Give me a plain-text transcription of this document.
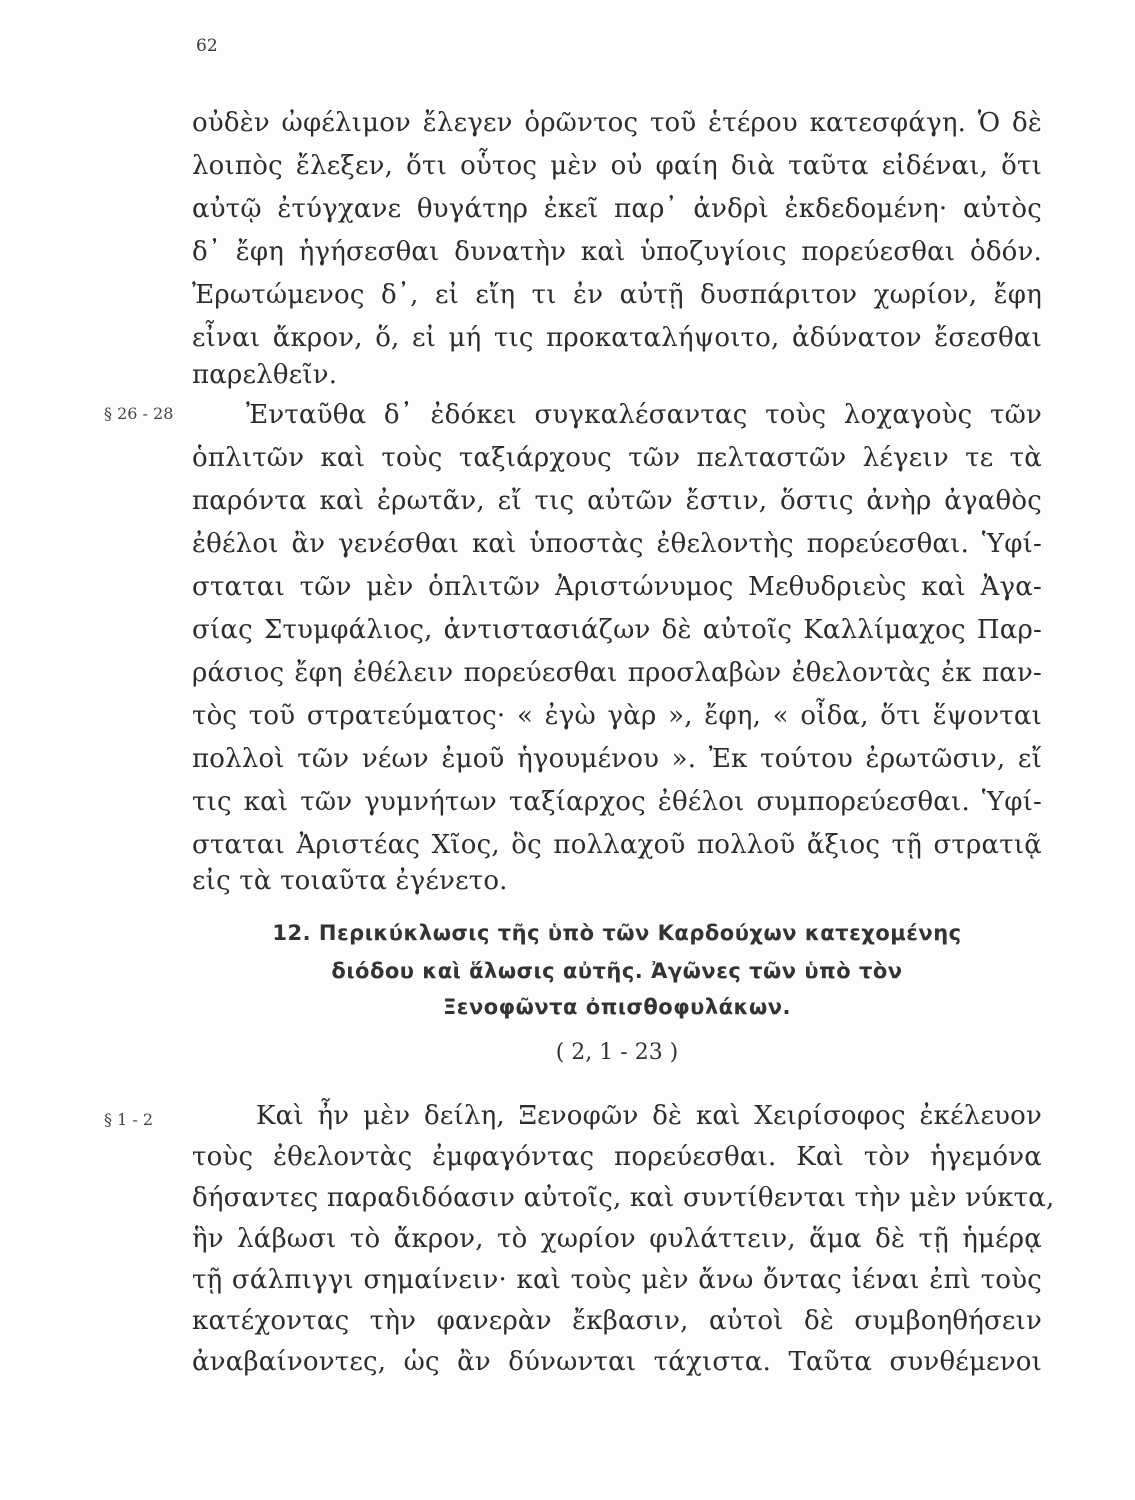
62
οὐδὲν ὠφέλιμον ἔλεγεν ὁρῶντος τοῦ ἑτέρου κατεσφάγη. Ὁ δὲ
λοιπὸς ἔλεξεν, ὅτι οὗτος μὲν οὐ φαίη διὰ ταῦτα εἰδέναι, ὅτι
αὐτῷ ἐτύγχανε θυγάτηρ ἐκεῖ παρ᾽ ἀνδρὶ ἐκδεδομένη· αὐτὸς
δ᾽ ἔφη ἡγήσεσθαι δυνατὴν καὶ ὑποζυγίοις πορεύεσθαι ὁδόν.
Ἐρωτώμενος δ᾽, εἰ εἴη τι ἐν αὐτῇ δυσπάριτον χωρίον, ἔφη
εἶναι ἄκρον, ὅ, εἰ μή τις προκαταλήψοιτο, ἀδύνατον ἔσεσθαι
παρελθεῖν.
§ 26 - 28	Ἐνταῦθα δ᾽ ἐδόκει συγκαλέσαντας τοὺς λοχαγοὺς τῶν
ὁπλιτῶν καὶ τοὺς ταξιάρχους τῶν πελταστῶν λέγειν τε τὰ
παρόντα καὶ ἐρωτᾶν, εἴ τις αὐτῶν ἔστιν, ὅστις ἀνὴρ ἀγαθὸς
ἐθέλοι ἂν γενέσθαι καὶ ὑποστὰς ἐθελοντὴς πορεύεσθαι. Ὑφί-
σταται τῶν μὲν ὁπλιτῶν Ἀριστώνυμος Μεθυδριεὺς καὶ Ἀγα-
σίας Στυμφάλιος, ἀντιστασιάζων δὲ αὐτοῖς Καλλίμαχος Παρ-
ράσιος ἔφη ἐθέλειν πορεύεσθαι προσλαβὼν ἐθελοντὰς ἐκ παν-
τὸς τοῦ στρατεύματος· « ἐγὼ γὰρ », ἔφη, « οἶδα, ὅτι ἕψονται
πολλοὶ τῶν νέων ἐμοῦ ἡγουμένου ». Ἐκ τούτου ἐρωτῶσιν, εἴ
τις καὶ τῶν γυμνήτων ταξίαρχος ἐθέλοι συμπορεύεσθαι. Ὑφί-
σταται Ἀριστέας Χῖος, ὃς πολλαχοῦ πολλοῦ ἄξιος τῇ στρατιᾷ
εἰς τὰ τοιαῦτα ἐγένετο.
12. Περικύκλωσις τῆς ὑπὸ τῶν Καρδούχων κατεχομένης
διόδου καὶ ἅλωσις αὐτῆς. Ἀγῶνες τῶν ὑπὸ τὸν
Ξενοφῶντα ὀπισθοφυλάκων.
( 2, 1 - 23 )
§ 1 - 2	Καὶ ἦν μὲν δείλη, Ξενοφῶν δὲ καὶ Χειρίσοφος ἐκέλευον
τοὺς ἐθελοντὰς ἐμφαγόντας πορεύεσθαι. Καὶ τὸν ἡγεμόνα
δήσαντες παραδιδόασιν αὐτοῖς, καὶ συντίθενται τὴν μὲν νύκτα,
ἣν λάβωσι τὸ ἄκρον, τὸ χωρίον φυλάττειν, ἅμα δὲ τῇ ἡμέρᾳ
τῇ σάλπιγγι σημαίνειν· καὶ τοὺς μὲν ἄνω ὄντας ἰέναι ἐπὶ τοὺς
κατέχοντας τὴν φανερὰν ἔκβασιν, αὐτοὶ δὲ συμβοηθήσειν
ἀναβαίνοντες, ὡς ἂν δύνωνται τάχιστα. Ταῦτα συνθέμενοι
